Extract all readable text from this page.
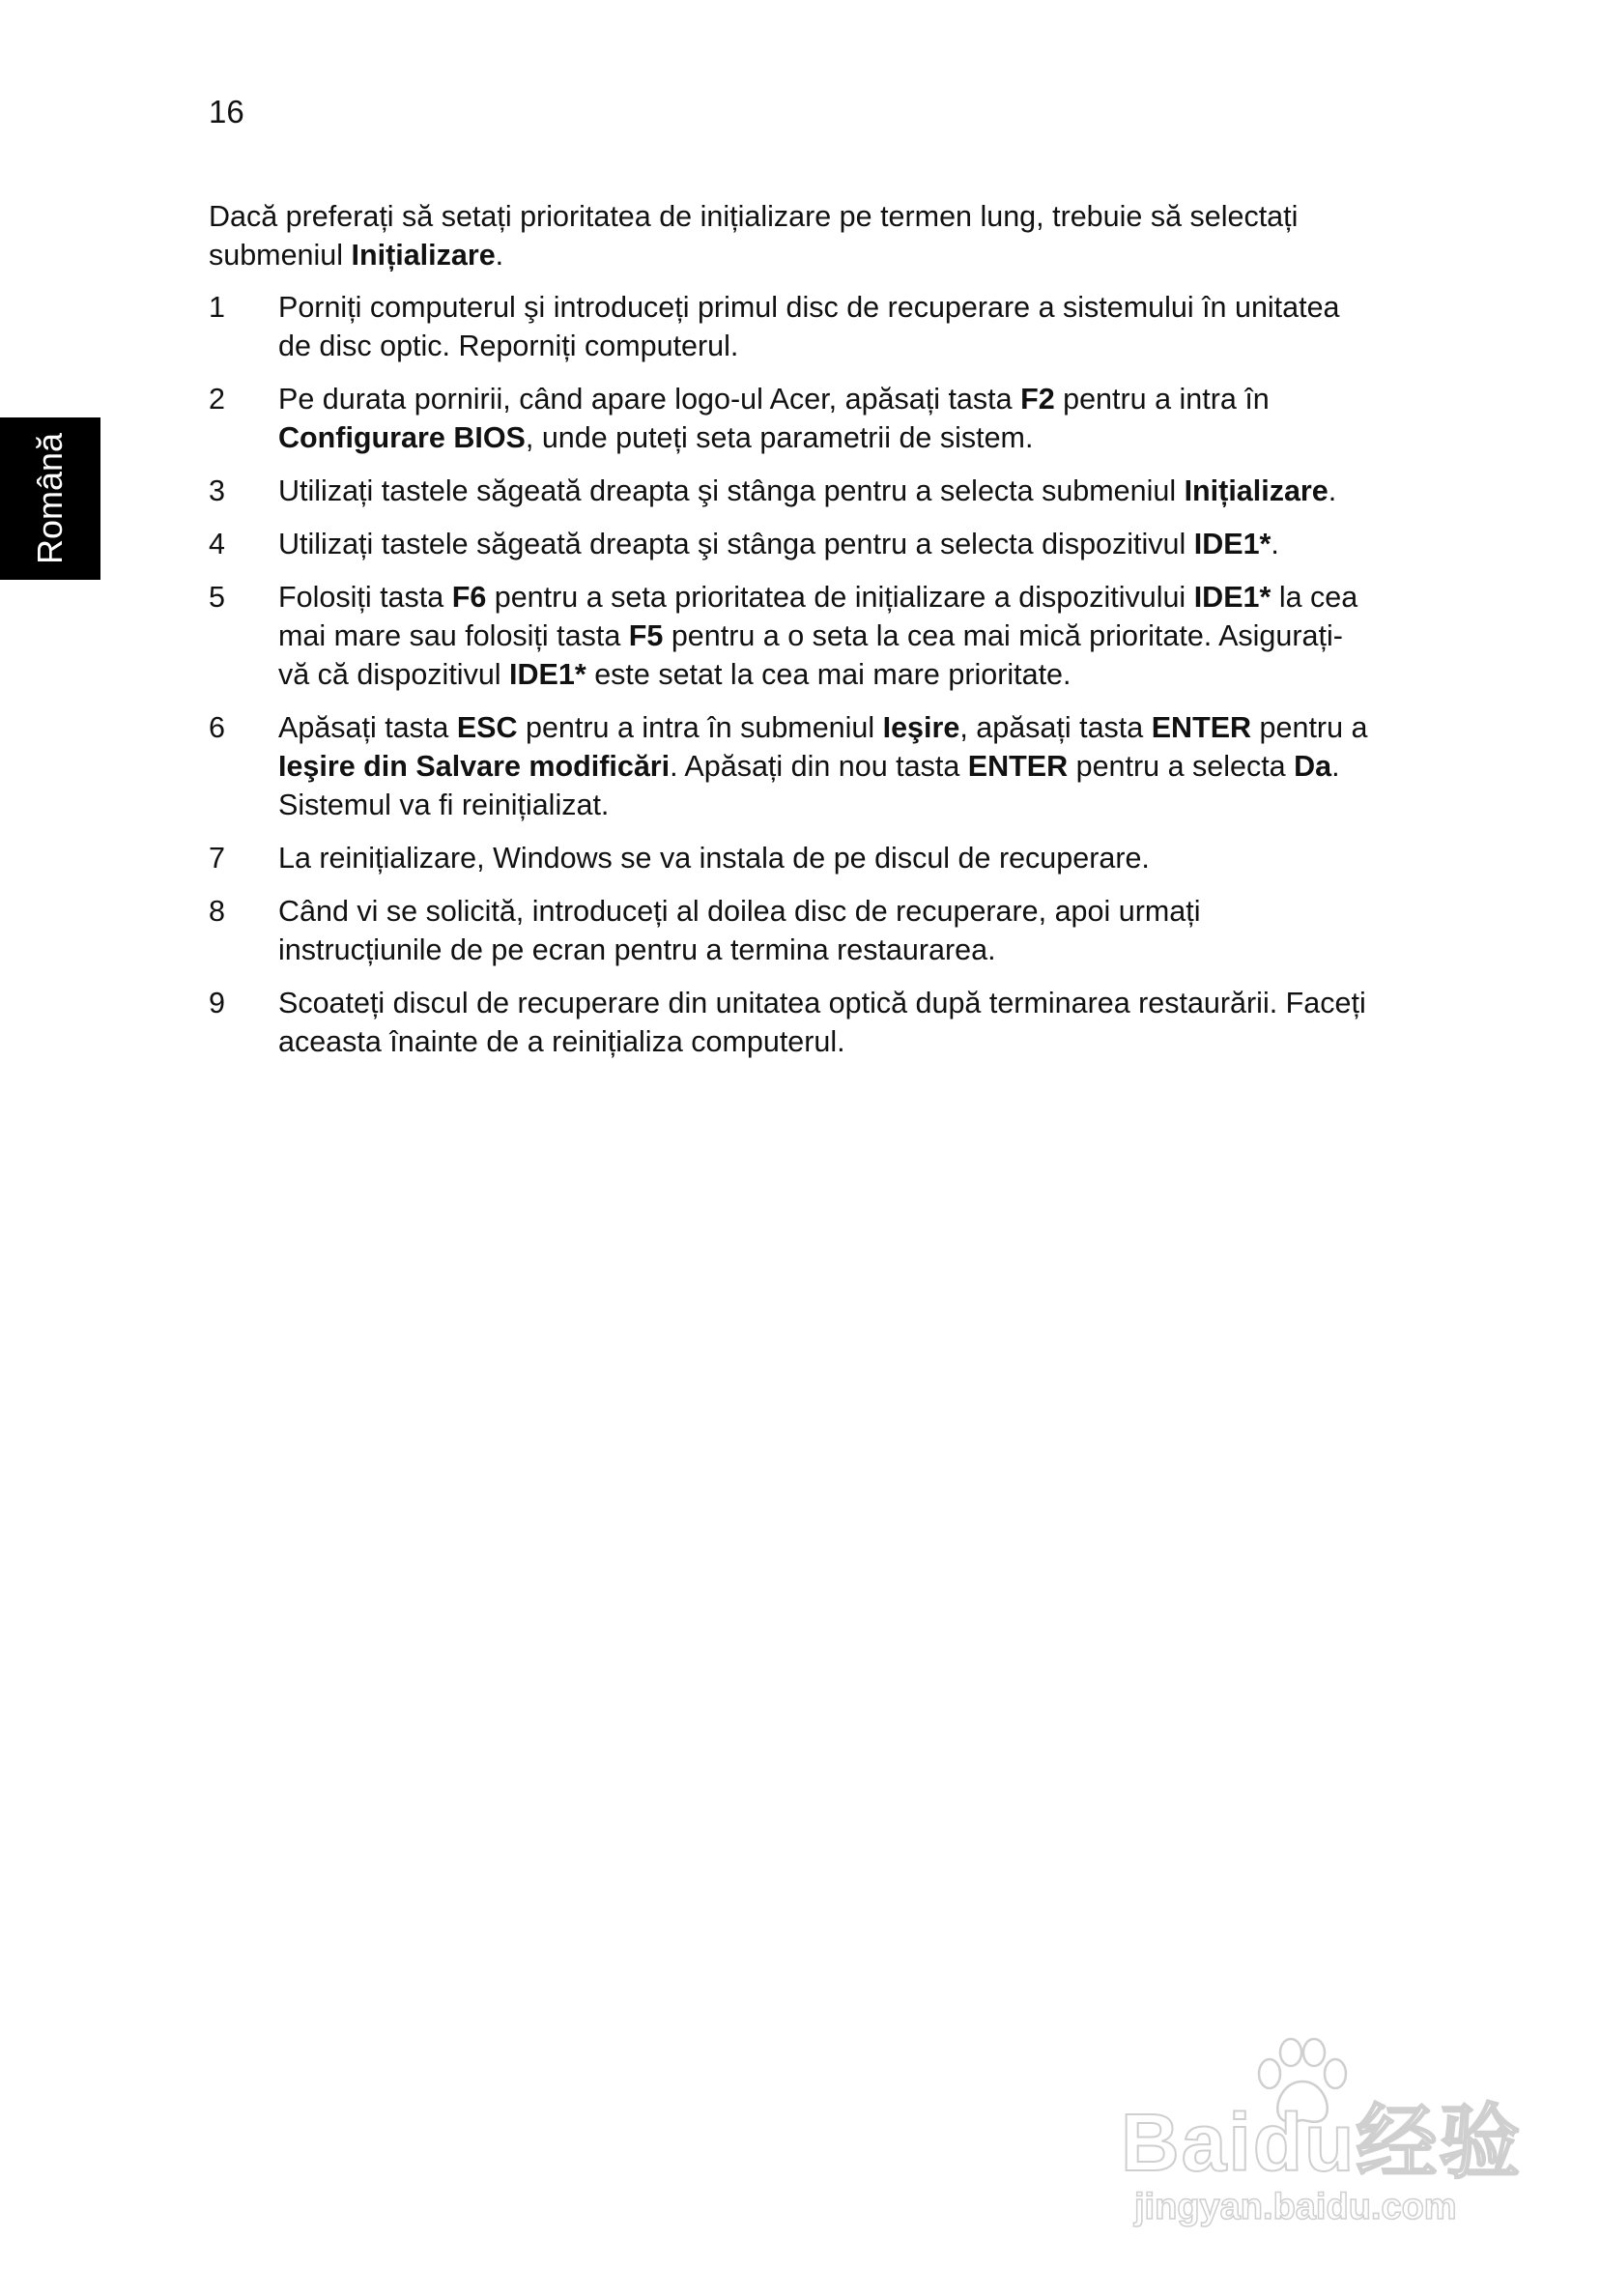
16
Română

Dacă preferați să setați prioritatea de inițializare pe termen lung, trebuie să selectați submeniul Inițializare.

1 Porniți computerul şi introduceți primul disc de recuperare a sistemului în unitatea de disc optic. Reporniți computerul.
2 Pe durata pornirii, când apare logo-ul Acer, apăsați tasta F2 pentru a intra în Configurare BIOS, unde puteți seta parametrii de sistem.
3 Utilizați tastele săgeată dreapta şi stânga pentru a selecta submeniul Inițializare.
4 Utilizați tastele săgeată dreapta şi stânga pentru a selecta dispozitivul IDE1*.
5 Folosiți tasta F6 pentru a seta prioritatea de inițializare a dispozitivului IDE1* la cea mai mare sau folosiți tasta F5 pentru a o seta la cea mai mică prioritate. Asigurați-vă că dispozitivul IDE1* este setat la cea mai mare prioritate.
6 Apăsați tasta ESC pentru a intra în submeniul Ieşire, apăsați tasta ENTER pentru a Ieşire din Salvare modificări. Apăsați din nou tasta ENTER pentru a selecta Da. Sistemul va fi reinițializat.
7 La reinițializare, Windows se va instala de pe discul de recuperare.
8 Când vi se solicită, introduceți al doilea disc de recuperare, apoi urmați instrucțiunile de pe ecran pentru a termina restaurarea.
9 Scoateți discul de recuperare din unitatea optică după terminarea restaurării. Faceți aceasta înainte de a reinițializa computerul.
Baidu经验
jingyan.baidu.com
